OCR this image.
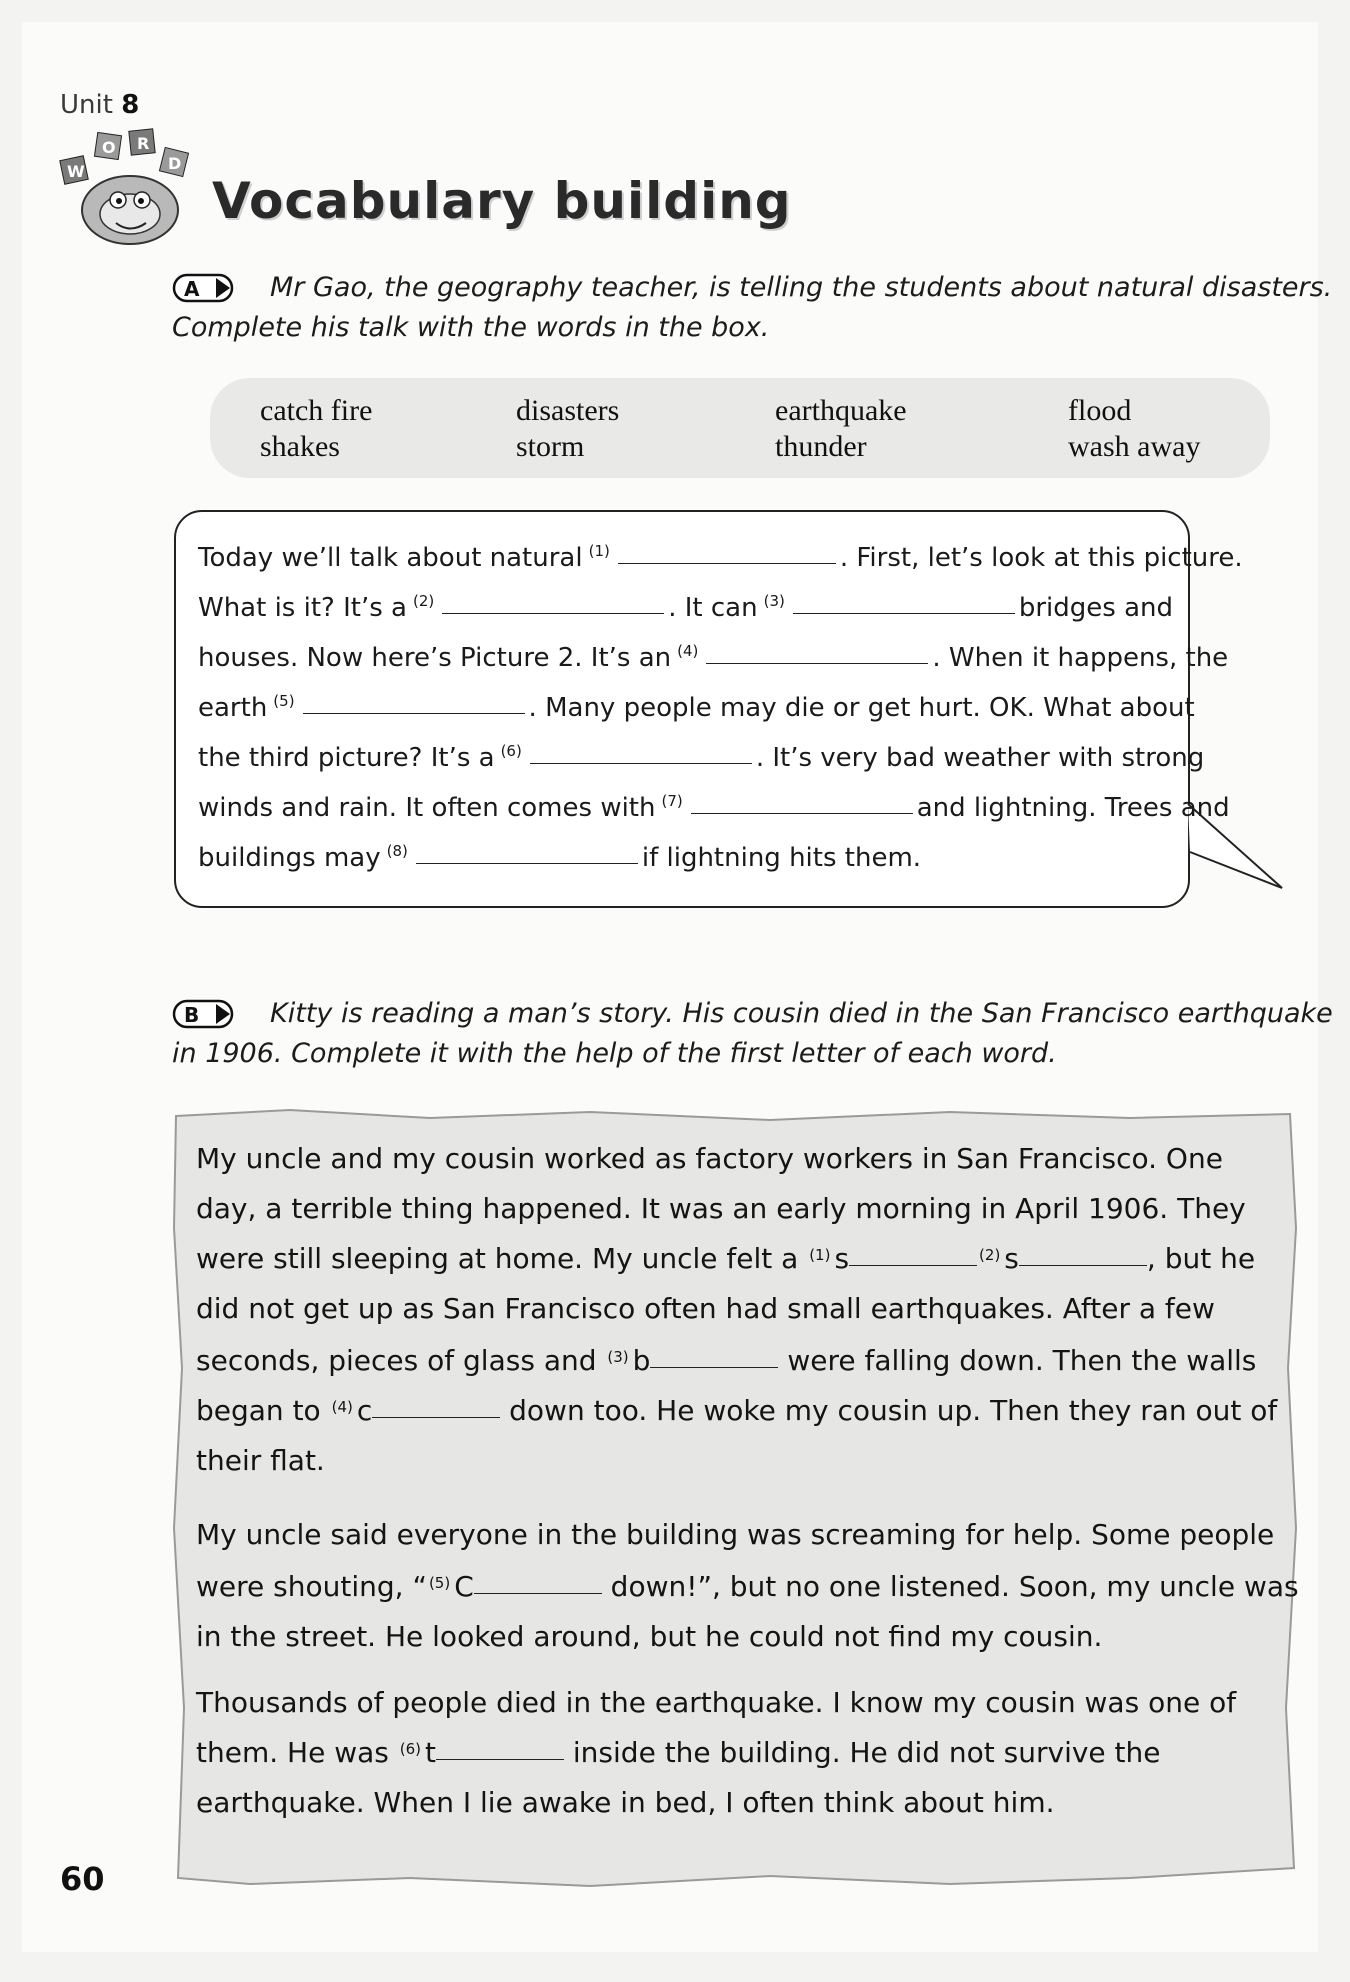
Unit 8
W
O R
D
Vocabulary building
A	Mr Gao, the geography teacher, is telling the students about natural disasters.
Complete his talk with the words in the box.
catch fire	disasters	earthquake	flood
shakes	storm	thunder	wash away
Today we’ll talk about natural $^{(1)}$	. First, let’s look at this picture.
What is it? It’s a $^{(2)}$	. It can $^{(3)}$	bridges and
houses. Now here’s Picture 2. It’s an $^{(4)}$	. When it happens, the
earth $^{(5)}$	. Many people may die or get hurt. OK. What about
the third picture? It’s a $^{(6)}$	. It’s very bad weather with strong
winds and rain. It often comes with $^{(7)}$	and lightning. Trees and
buildings may $^{(8)}$	if lightning hits them.
B	Kitty is reading a man’s story. His cousin died in the San Francisco earthquake
in 1906. Complete it with the help of the first letter of each word.
My uncle and my cousin worked as factory workers in San Francisco. One
day, a terrible thing happened. It was an early morning in April 1906. They
were still sleeping at home. My uncle felt a $^{(1)}$ s	$^{(2)}$ s	, but he
did not get up as San Francisco often had small earthquakes. After a few
seconds, pieces of glass and $^{(3)}$ b	were falling down. Then the walls
began to $^{(4)}$ c	down too. He woke my cousin up. Then they ran out of
their flat.
My uncle said everyone in the building was screaming for help. Some people
were shouting, “ $^{(5)}$ C	down!”, but no one listened. Soon, my uncle was
in the street. He looked around, but he could not find my cousin.
Thousands of people died in the earthquake. I know my cousin was one of
them. He was $^{(6)}$ t	inside the building. He did not survive the
earthquake. When I lie awake in bed, I often think about him.
60
